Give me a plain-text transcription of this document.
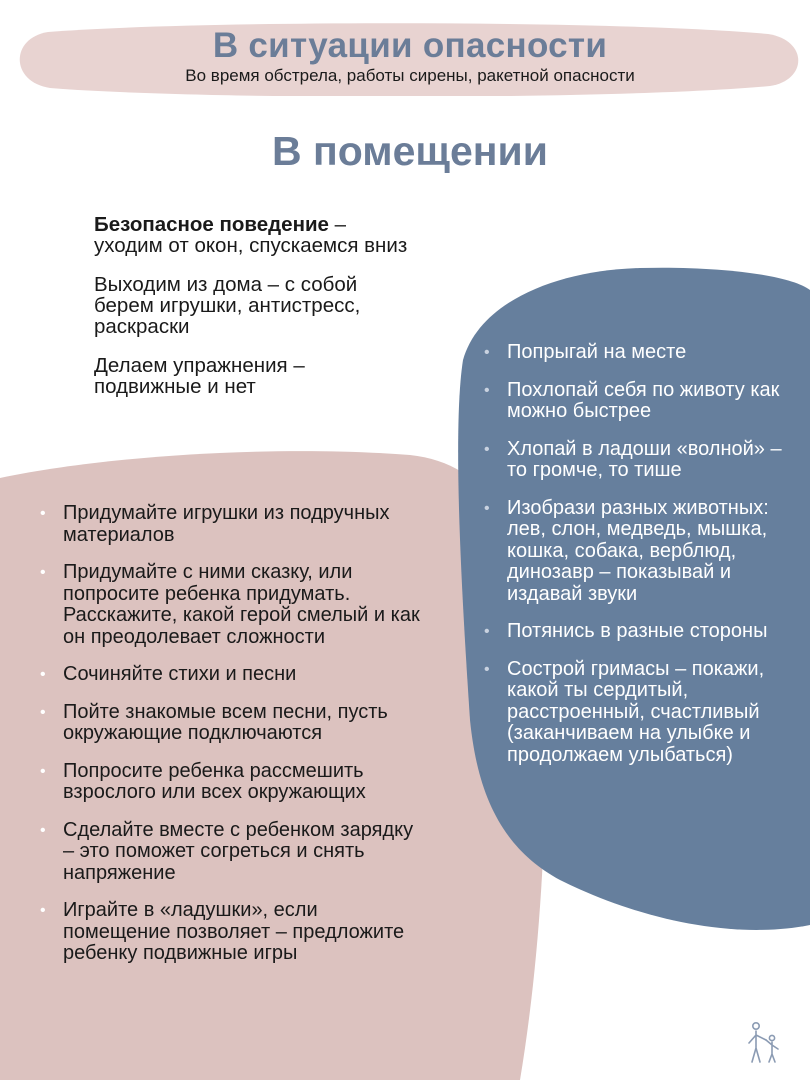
В ситуации опасности
Во время обстрела, работы сирены, ракетной опасности
В помещении

Безопасное поведение – уходим от окон, спускаемся вниз

Выходим из дома – с собой берем игрушки, антистресс, раскраски

Делаем упражнения – подвижные и нет

• Придумайте игрушки из подручных материалов
• Придумайте с ними сказку, или попросите ребенка придумать. Расскажите, какой герой смелый и как он преодолевает сложности
• Сочиняйте стихи и песни
• Пойте знакомые всем песни, пусть окружающие подключаются
• Попросите ребенка рассмешить взрослого или всех окружающих
• Сделайте вместе с ребенком зарядку – это поможет согреться и снять напряжение
• Играйте в «ладушки», если помещение позволяет – предложите ребенку подвижные игры
• Попрыгай на месте
• Похлопай себя по животу как можно быстрее
• Хлопай в ладоши «волной» – то громче, то тише
• Изобрази разных животных: лев, слон, медведь, мышка, кошка, собака, верблюд, динозавр – показывай и издавай звуки
• Потянись в разные стороны
• Сострой гримасы – покажи, какой ты сердитый, расстроенный, счастливый (заканчиваем на улыбке и продолжаем улыбаться)
